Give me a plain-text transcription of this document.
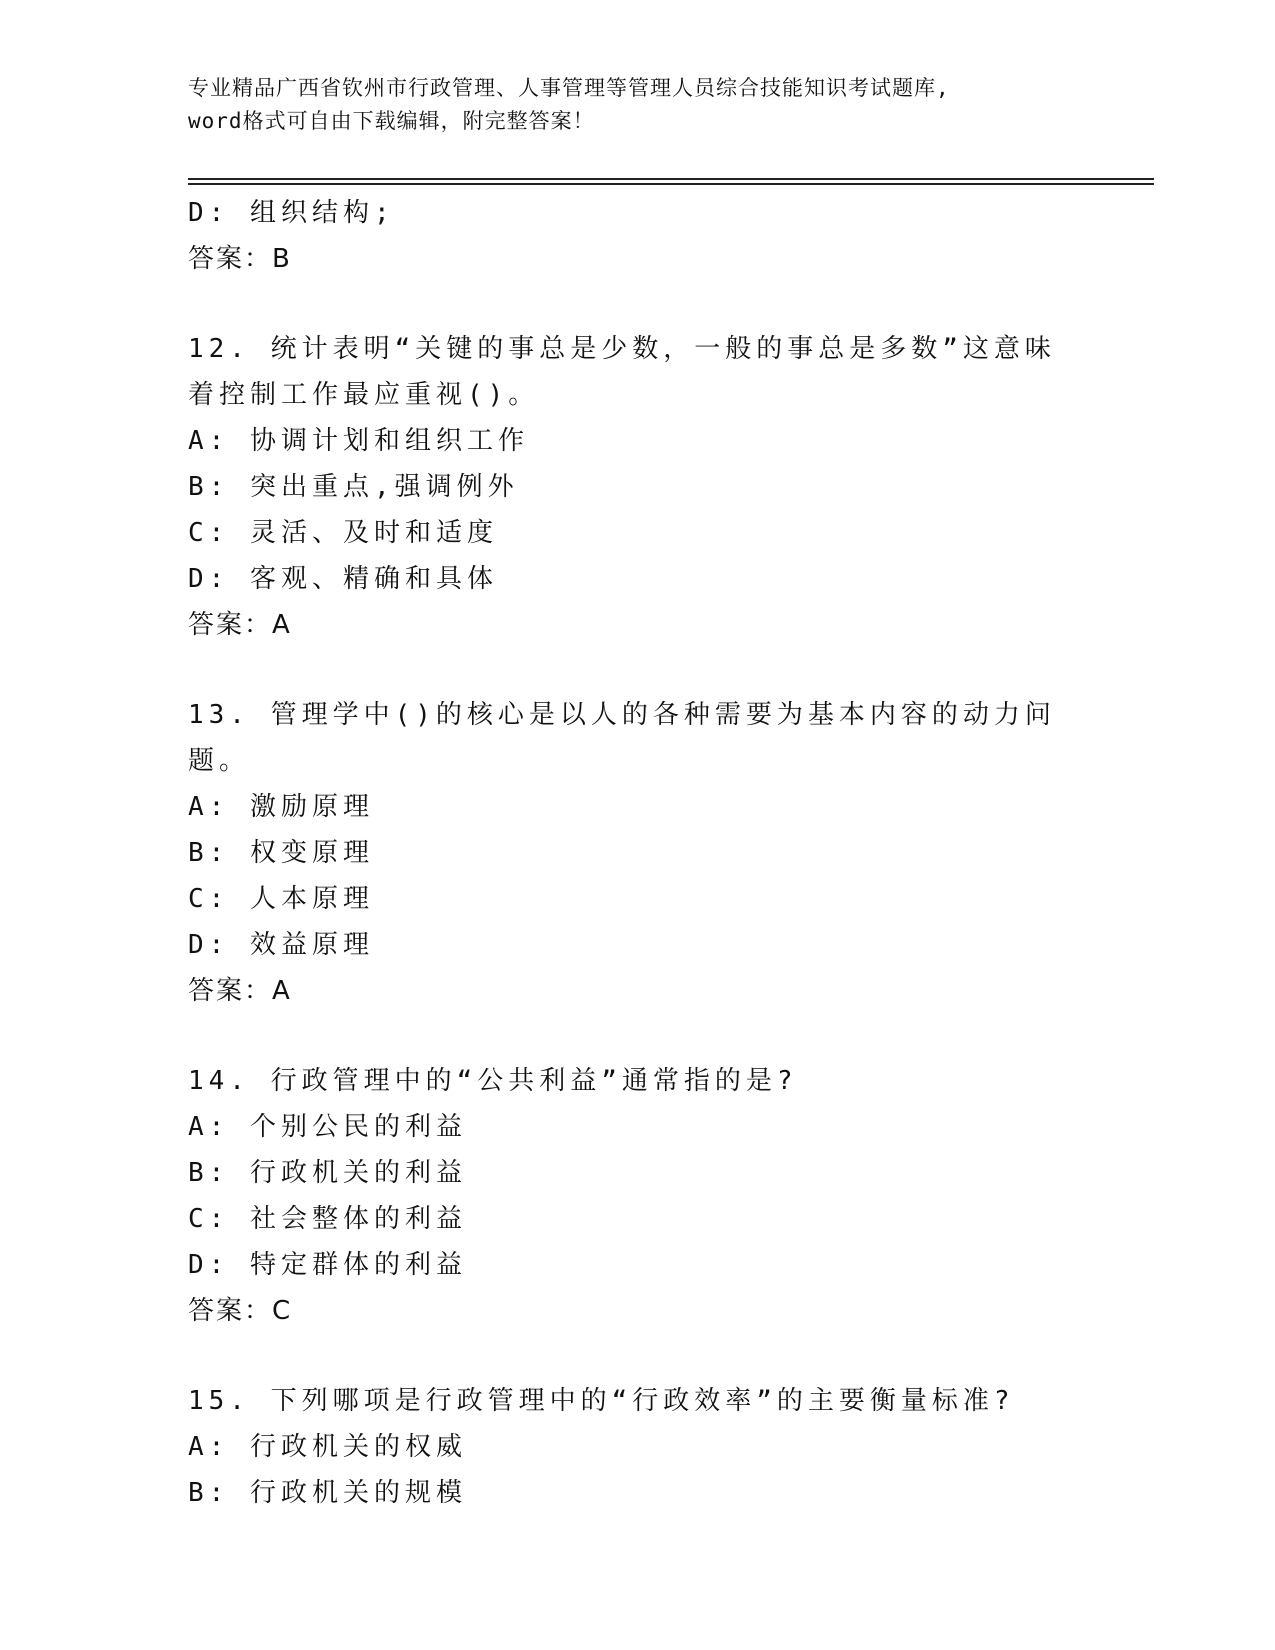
专业精品广西省钦州市行政管理、人事管理等管理人员综合技能知识考试题库,
word格式可自由下载编辑，附完整答案！
D: 组织结构;
答案：B
12. 统计表明“关键的事总是少数，一般的事总是多数”这意味着控制工作最应重视()。
A: 协调计划和组织工作
B: 突出重点,强调例外
C: 灵活、及时和适度
D: 客观、精确和具体
答案：A
13. 管理学中()的核心是以人的各种需要为基本内容的动力问题。
A: 激励原理
B: 权变原理
C: 人本原理
D: 效益原理
答案：A
14. 行政管理中的“公共利益”通常指的是?
A: 个别公民的利益
B: 行政机关的利益
C: 社会整体的利益
D: 特定群体的利益
答案：C
15. 下列哪项是行政管理中的“行政效率”的主要衡量标准?
A: 行政机关的权威
B: 行政机关的规模
